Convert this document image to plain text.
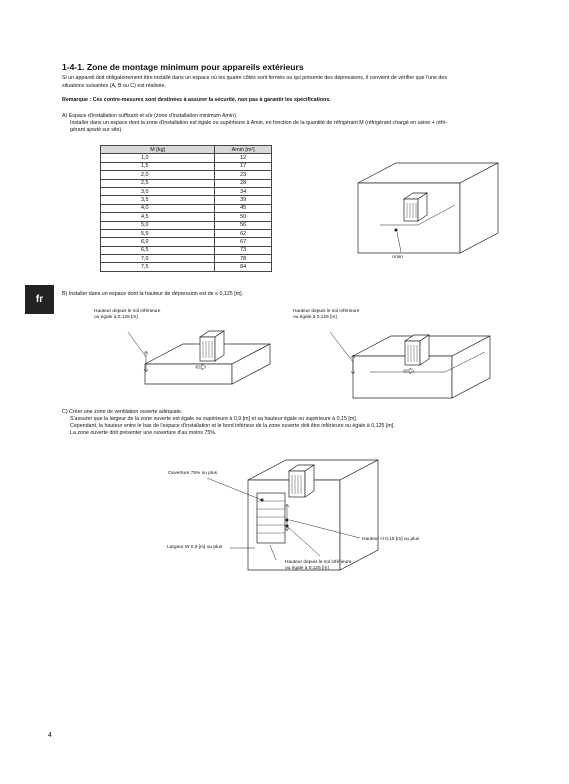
1-4-1. Zone de montage minimum pour appareils extérieurs
Si un appareil doit obligatoirement être installé dans un espace où les quatre côtés sont fermés ou qui présente des dépressions, il convient de vérifier que l'une des
situations suivantes (A, B ou C) est réalisée.
Remarque : Ces contre-mesures sont destinées à assurer la sécurité, non pas à garantir les spécifications.
A) Espace d'installation suffisant et sûr (zone d'installation minimum Amin).
Installer dans un espace dont la zone d'installation est égale ou supérieure à Amin, en fonction de la quantité de réfrigérant M (réfrigérant chargé en usine + réfri-
gérant ajouté sur site).
M [kg]	Amin [m²]
1,0	12
1,5	17
2,0	23
2,5	28
3,0	34
3,5	39
4,0	45
4,5	50
5,0	56
5,5	62
6,0	67
6,5	73
7,0	78
7,5	84
fr	B) Installer dans un espace dont la hauteur de dépression est de ≤ 0,125 [m].
C) Créer une zone de ventilation ouverte adéquate.
S'assurer que la largeur de la zone ouverte est égale ou supérieure à 0,9 [m] et sa hauteur égale ou supérieure à 0,15 [m].
Cependant, la hauteur entre le bas de l'espace d'installation et le bord inférieur de la zone ouverte doit être inférieure ou égale à 0,125 [m].
La zone ouverte doit présenter une ouverture d'au moins 75%.
Amin
Hauteur depuis le sol inférieure
ou égale à 0,125 [m]
Hauteur depuis le sol inférieure
ou égale à 0,125 [m]
Ouverture 75% ou plus
Largeur W 0,9 [m] ou plus
Hauteur H 0,15 [m] ou plus
Hauteur depuis le sol inférieure
ou égale à 0,125 [m]
4
